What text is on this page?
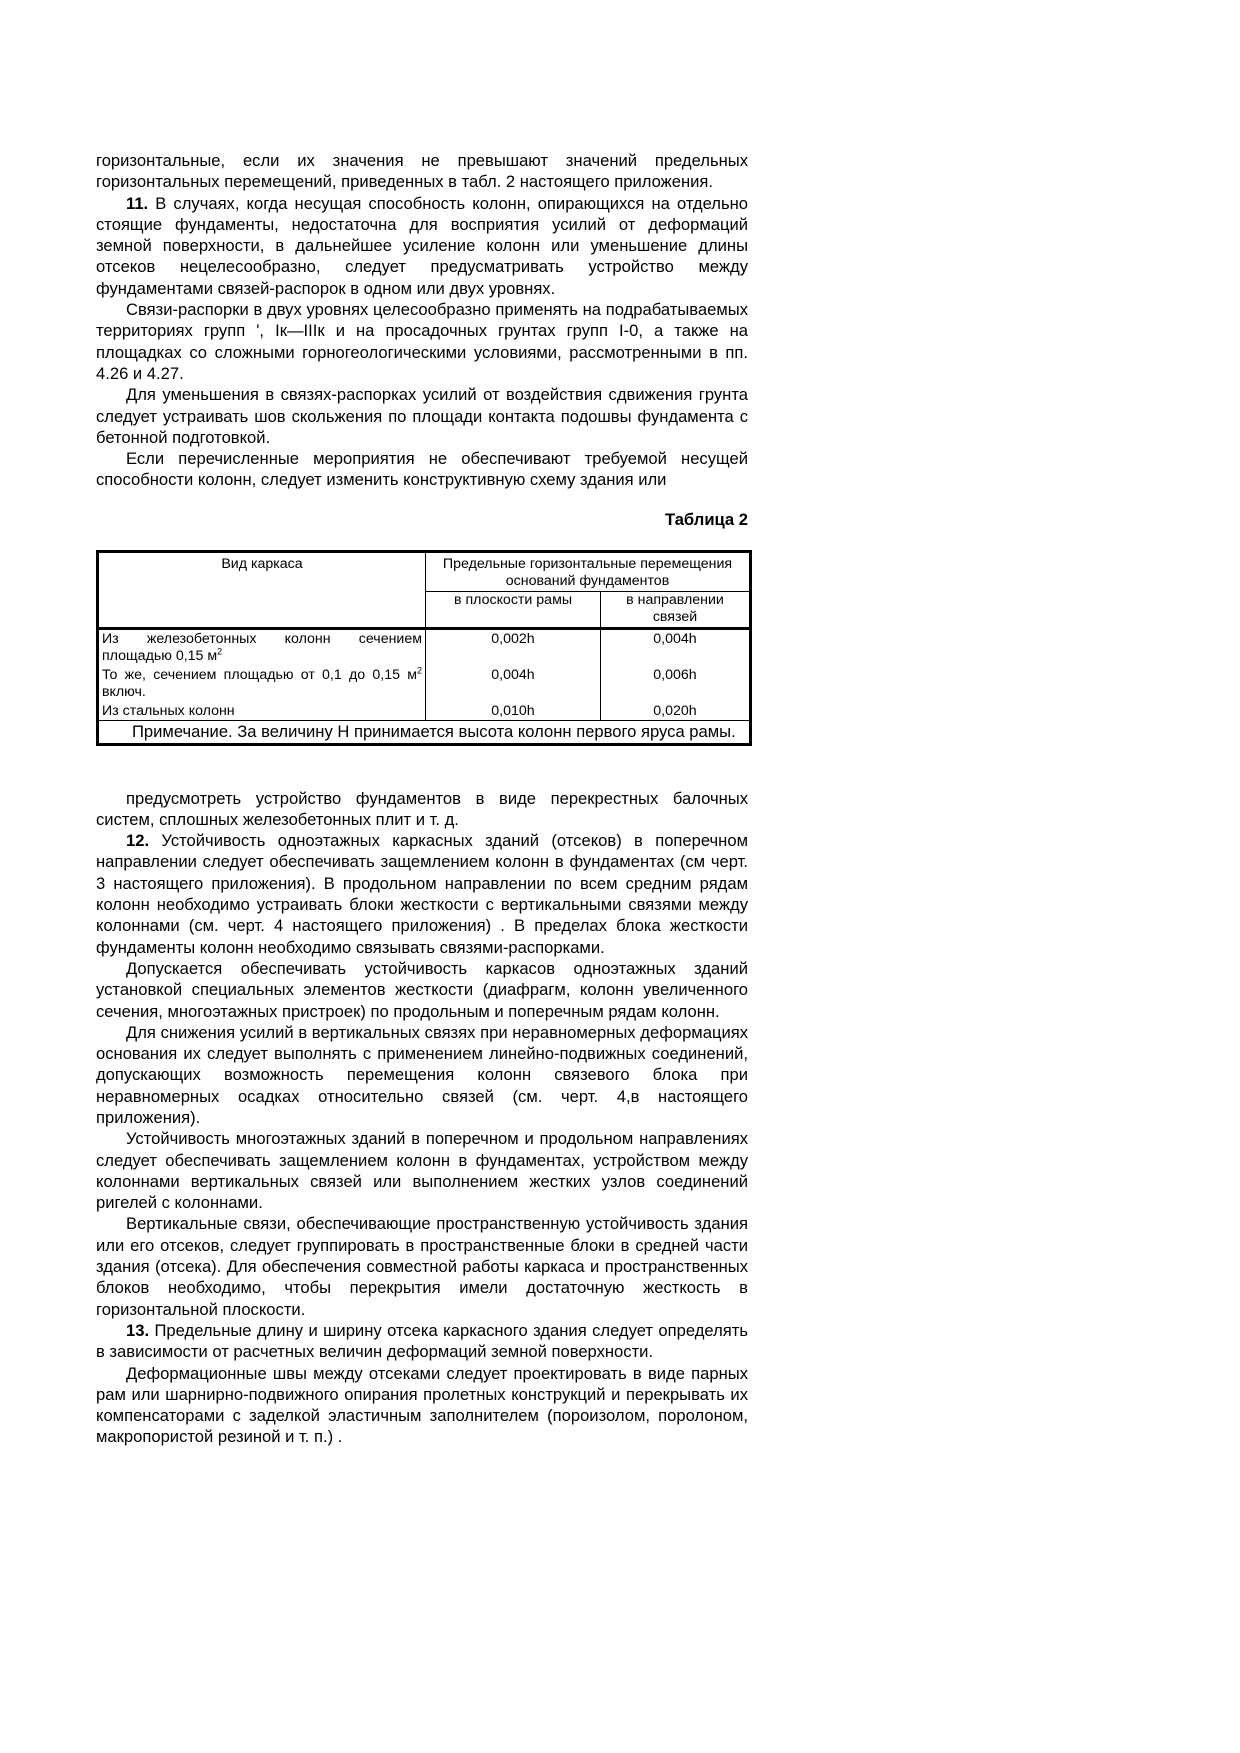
горизонтальные, если их значения не превышают значений предельных горизонтальных перемещений, приведенных в табл. 2 настоящего приложения.

11. В случаях, когда несущая способность колонн, опирающихся на отдельно стоящие фундаменты, недостаточна для восприятия усилий от деформаций земной поверхности, в дальнейшее усиление колонн или уменьшение длины отсеков нецелесообразно, следует предусматривать устройство между фундаментами связей-распорок в одном или двух уровнях.

Связи-распорки в двух уровнях целесообразно применять на подрабатываемых территориях групп ', Iк—IIIк и на просадочных грунтах групп I-0, а также на площадках со сложными горногеологическими условиями, рассмотренными в пп. 4.26 и 4.27.

Для уменьшения в связях-распорках усилий от воздействия сдвижения грунта следует устраивать шов скольжения по площади контакта подошвы фундамента с бетонной подготовкой.

Если перечисленные мероприятия не обеспечивают требуемой несущей способности колонн, следует изменить конструктивную схему здания или

Таблица 2
Вид каркаса	Предельные горизонтальные перемещения оснований фундаментов	
	в плоскости рамы	в направлении связей
Из железобетонных колонн сечением площадью 0,15 $м^2$	0,002h	0,004h
То же, сечением площадью от 0,1 до 0,15 $м^2$ включ.	0,004h	0,006h
Из стальных колонн	0,010h	0,020h
Примечание. За величину Н принимается высота колонн первого яруса рамы.		

предусмотреть устройство фундаментов в виде перекрестных балочных систем, сплошных железобетонных плит и т. д.

12. Устойчивость одноэтажных каркасных зданий (отсеков) в поперечном направлении следует обеспечивать защемлением колонн в фундаментах (см черт. 3 настоящего приложения). В продольном направлении по всем средним рядам колонн необходимо устраивать блоки жесткости с вертикальными связями между колоннами (см. черт. 4 настоящего приложения) . В пределах блока жесткости фундаменты колонн необходимо связывать связями-распорками.

Допускается обеспечивать устойчивость каркасов одноэтажных зданий установкой специальных элементов жесткости (диафрагм, колонн увеличенного сечения, многоэтажных пристроек) по продольным и поперечным рядам колонн.

Для снижения усилий в вертикальных связях при неравномерных деформациях основания их следует выполнять с применением линейно-подвижных соединений, допускающих возможность перемещения колонн связевого блока при неравномерных осадках относительно связей (см. черт. 4,в настоящего приложения).

Устойчивость многоэтажных зданий в поперечном и продольном направлениях следует обеспечивать защемлением колонн в фундаментах, устройством между колоннами вертикальных связей или выполнением жестких узлов соединений ригелей с колоннами.

Вертикальные связи, обеспечивающие пространственную устойчивость здания или его отсеков, следует группировать в пространственные блоки в средней части здания (отсека). Для обеспечения совместной работы каркаса и пространственных блоков необходимо, чтобы перекрытия имели достаточную жесткость в горизонтальной плоскости.

13. Предельные длину и ширину отсека каркасного здания следует определять в зависимости от расчетных величин деформаций земной поверхности.

Деформационные швы между отсеками следует проектировать в виде парных рам или шарнирно-подвижного опирания пролетных конструкций и перекрывать их компенсаторами с заделкой эластичным заполнителем (пороизолом, поролоном, макропористой резиной и т. п.) .
